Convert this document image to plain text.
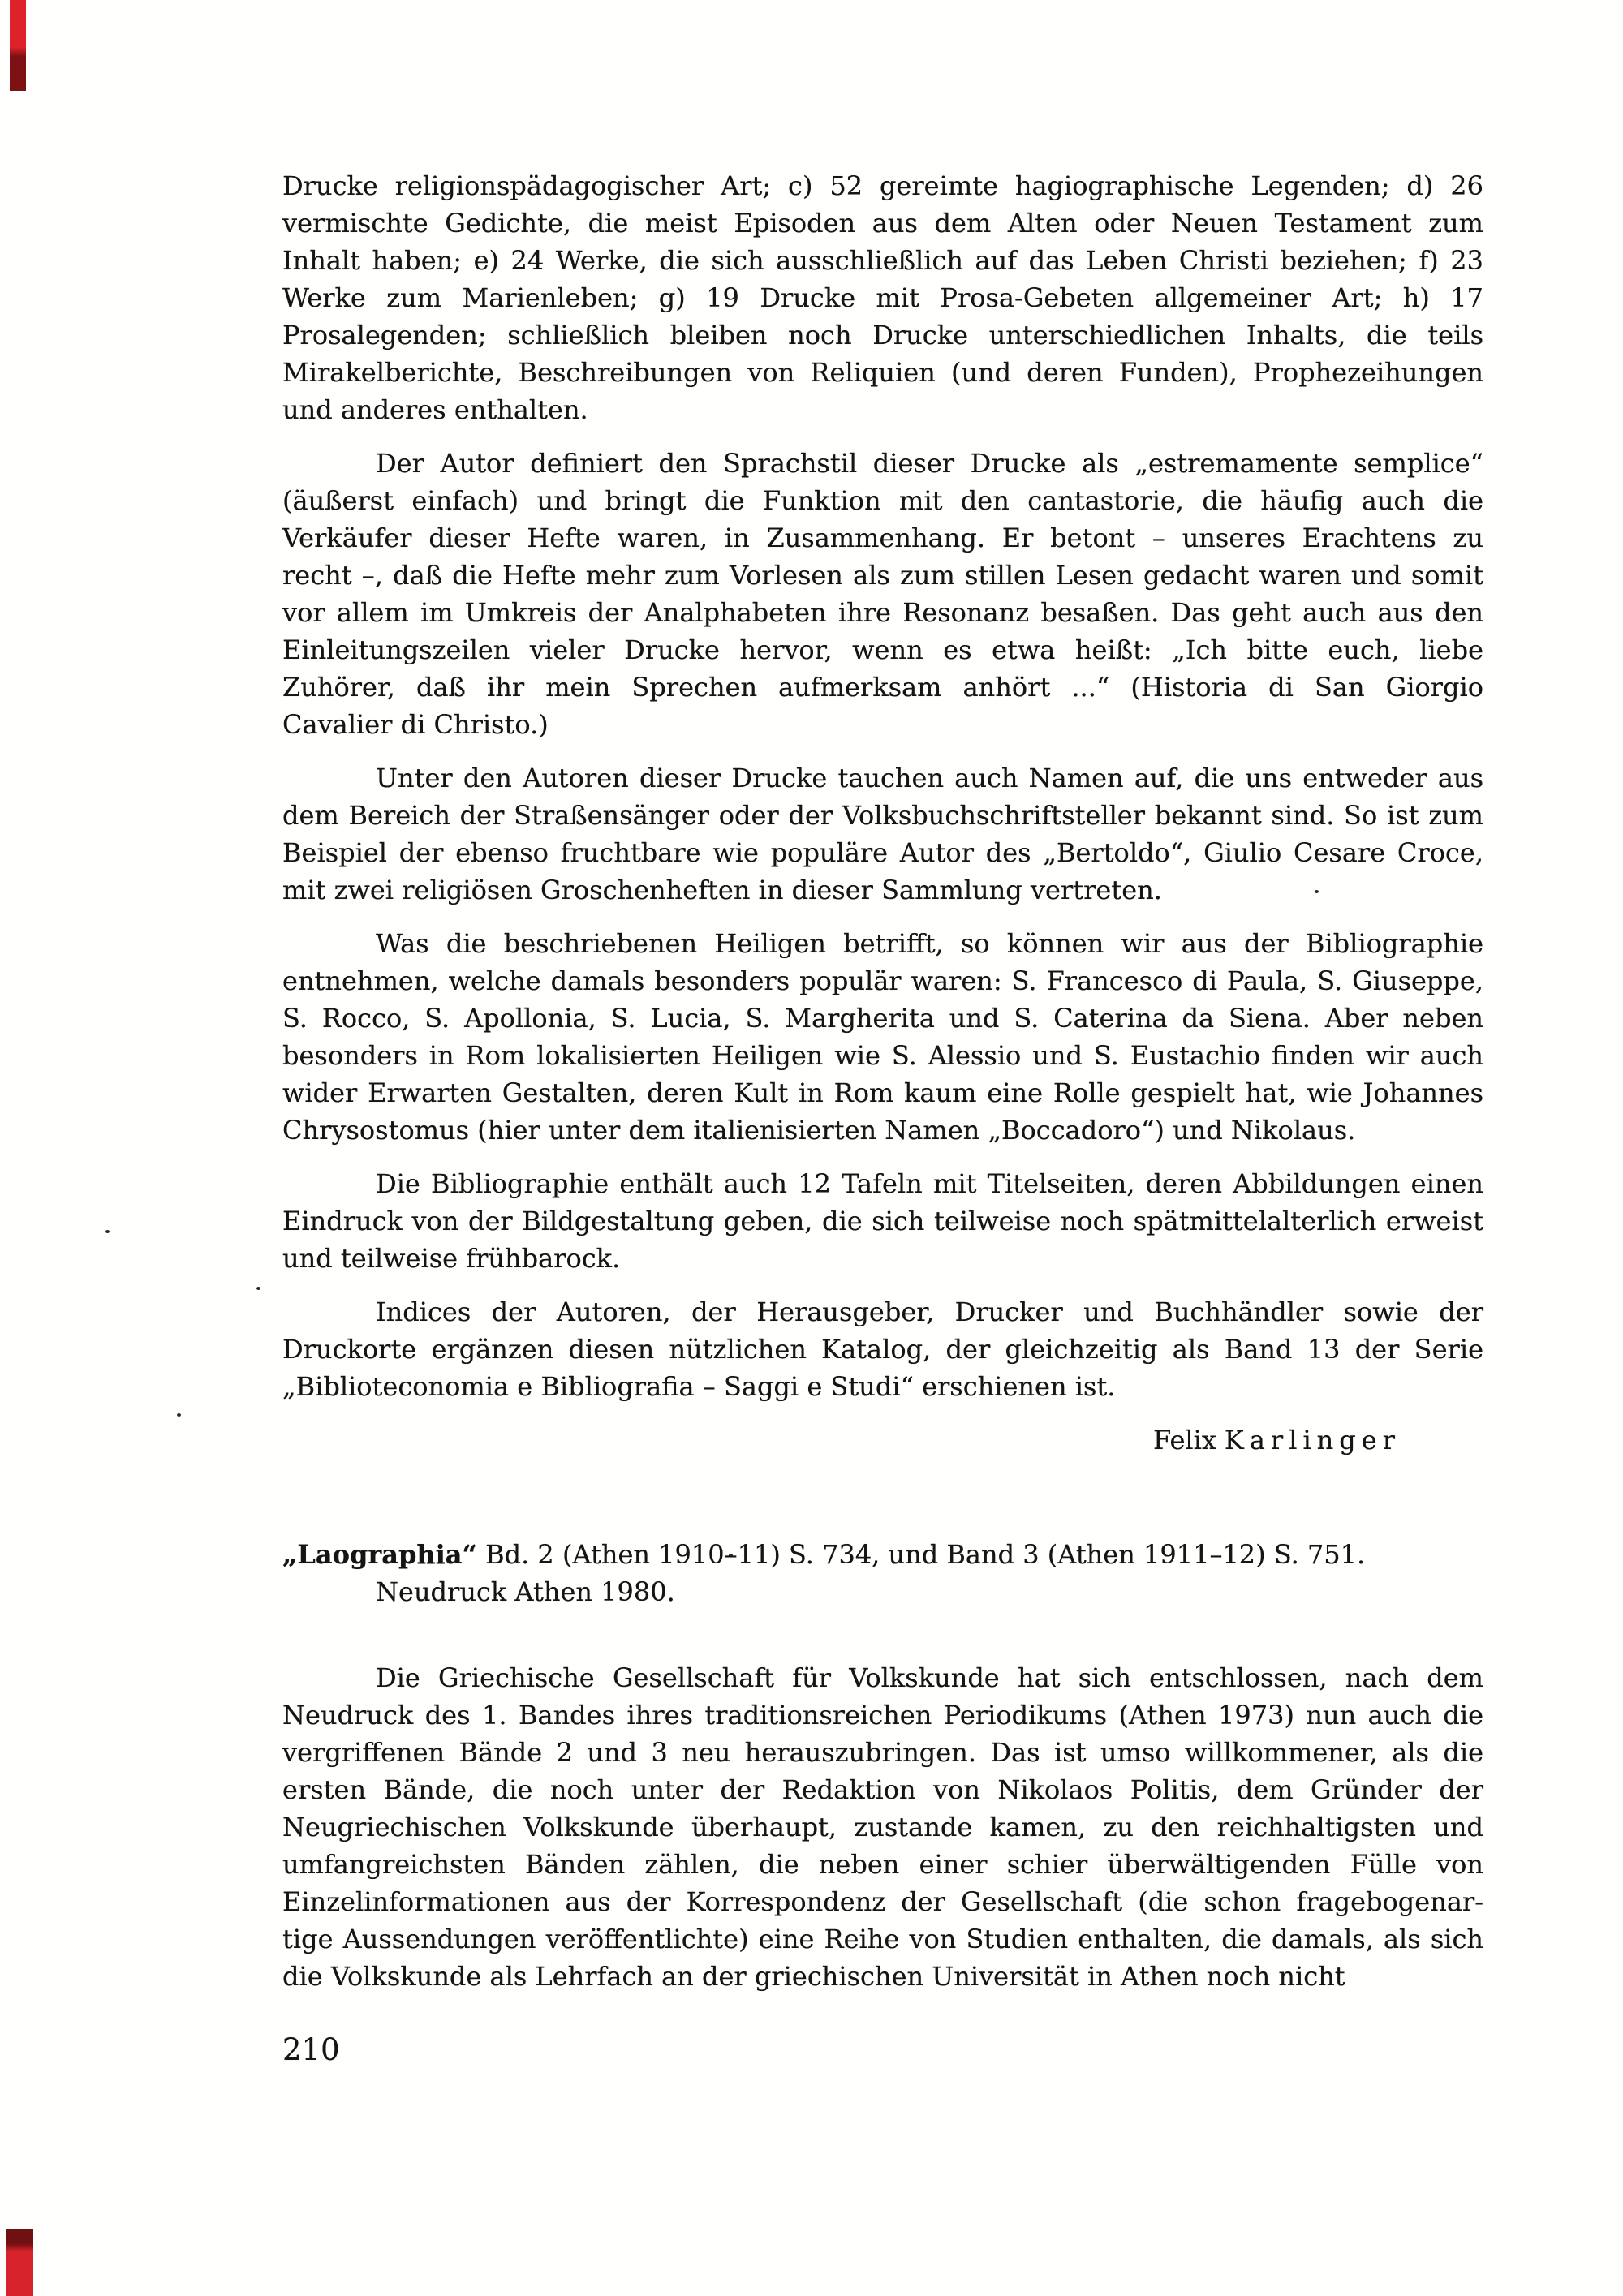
Drucke religionspädagogischer Art; c) 52 gereimte hagiographische Legenden; d) 26
vermischte Gedichte, die meist Episoden aus dem Alten oder Neuen Testament zum
Inhalt haben; e) 24 Werke, die sich ausschließlich auf das Leben Christi beziehen; f) 23
Werke zum Marienleben; g) 19 Drucke mit Prosa-Gebeten allgemeiner Art; h) 17
Prosalegenden; schließlich bleiben noch Drucke unterschiedlichen Inhalts, die teils
Mirakelberichte, Beschreibungen von Reliquien (und deren Funden), Prophezeihungen
und anderes enthalten.
Der Autor definiert den Sprachstil dieser Drucke als „estremamente semplice“
(äußerst einfach) und bringt die Funktion mit den cantastorie, die häufig auch die
Verkäufer dieser Hefte waren, in Zusammenhang. Er betont – unseres Erachtens zu
recht –, daß die Hefte mehr zum Vorlesen als zum stillen Lesen gedacht waren und somit
vor allem im Umkreis der Analphabeten ihre Resonanz besaßen. Das geht auch aus den
Einleitungszeilen vieler Drucke hervor, wenn es etwa heißt: „Ich bitte euch, liebe
Zuhörer, daß ihr mein Sprechen aufmerksam anhört ...“ (Historia di San Giorgio
Cavalier di Christo.)
Unter den Autoren dieser Drucke tauchen auch Namen auf, die uns entweder aus
dem Bereich der Straßensänger oder der Volksbuchschriftsteller bekannt sind. So ist zum
Beispiel der ebenso fruchtbare wie populäre Autor des „Bertoldo“, Giulio Cesare Croce,
mit zwei religiösen Groschenheften in dieser Sammlung vertreten.
Was die beschriebenen Heiligen betrifft, so können wir aus der Bibliographie
entnehmen, welche damals besonders populär waren: S. Francesco di Paula, S. Giuseppe,
S. Rocco, S. Apollonia, S. Lucia, S. Margherita und S. Caterina da Siena. Aber neben
besonders in Rom lokalisierten Heiligen wie S. Alessio und S. Eustachio finden wir auch
wider Erwarten Gestalten, deren Kult in Rom kaum eine Rolle gespielt hat, wie Johannes
Chrysostomus (hier unter dem italienisierten Namen „Boccadoro“) und Nikolaus.
Die Bibliographie enthält auch 12 Tafeln mit Titelseiten, deren Abbildungen einen
Eindruck von der Bildgestaltung geben, die sich teilweise noch spätmittelalterlich erweist
und teilweise frühbarock.
Indices der Autoren, der Herausgeber, Drucker und Buchhändler sowie der
Druckorte ergänzen diesen nützlichen Katalog, der gleichzeitig als Band 13 der Serie
„Biblioteconomia e Bibliografia – Saggi e Studi“ erschienen ist.
Felix Karlinger
„Laographia“ Bd. 2 (Athen 1910–11) S. 734, und Band 3 (Athen 1911–12) S. 751.
Neudruck Athen 1980.
Die Griechische Gesellschaft für Volkskunde hat sich entschlossen, nach dem
Neudruck des 1. Bandes ihres traditionsreichen Periodikums (Athen 1973) nun auch die
vergriffenen Bände 2 und 3 neu herauszubringen. Das ist umso willkommener, als die
ersten Bände, die noch unter der Redaktion von Nikolaos Politis, dem Gründer der
Neugriechischen Volkskunde überhaupt, zustande kamen, zu den reichhaltigsten und
umfangreichsten Bänden zählen, die neben einer schier überwältigenden Fülle von
Einzelinformationen aus der Korrespondenz der Gesellschaft (die schon fragebogenar-
tige Aussendungen veröffentlichte) eine Reihe von Studien enthalten, die damals, als sich
die Volkskunde als Lehrfach an der griechischen Universität in Athen noch nicht
210
